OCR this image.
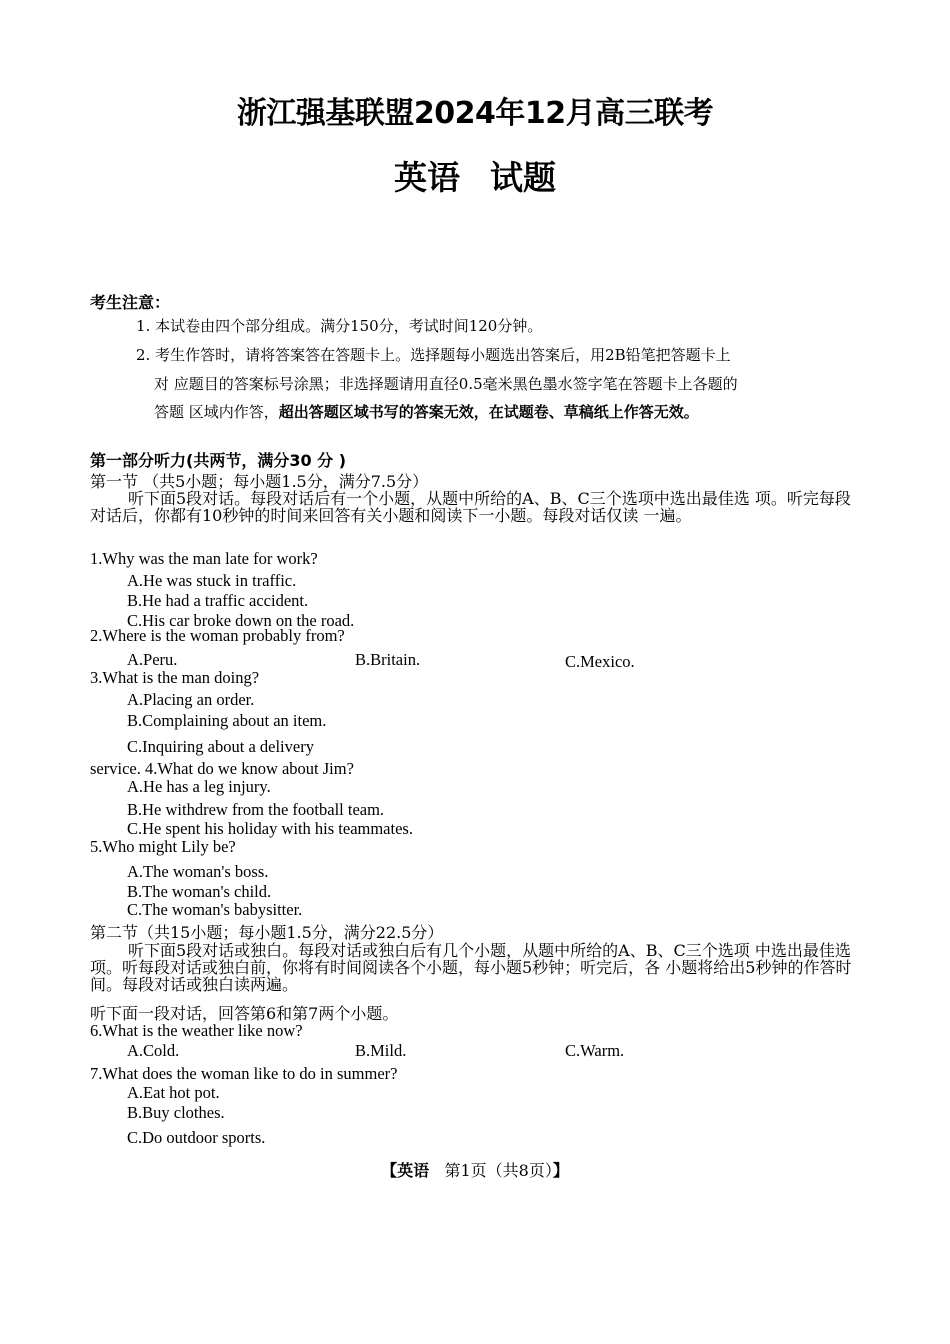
浙江强基联盟2024年12月高三联考
英语 试题
考生注意：
1. 本试卷由四个部分组成。满分150分，考试时间120分钟。
2. 考生作答时，请将答案答在答题卡上。选择题每小题选出答案后，用2B铅笔把答题卡上
对 应题目的答案标号涂黑；非选择题请用直径0.5毫米黑色墨水签字笔在答题卡上各题的
答题 区域内作答，超出答题区域书写的答案无效，在试题卷、草稿纸上作答无效。
第一部分听力(共两节，满分30 分 )
第一节 （共5小题；每小题1.5分，满分7.5分）
听下面5段对话。每段对话后有一个小题，从题中所给的A、B、C三个选项中选出最佳选 项。听完每段对话后，你都有10秒钟的时间来回答有关小题和阅读下一小题。每段对话仅读 一遍。
1.Why was the man late for work?
A.He was stuck in traffic.
B.He had a traffic accident.
C.His car broke down on the road.
2.Where is the woman probably from?
A.Peru.	B.Britain.	C.Mexico.
3.What is the man doing?
A.Placing an order.
B.Complaining about an item.
C.Inquiring about a delivery
service. 4.What do we know about Jim?
A.He has a leg injury.
B.He withdrew from the football team.
C.He spent his holiday with his teammates.
5.Who might Lily be?
A.The woman's boss.
B.The woman's child.
C.The woman's babysitter.
第二节（共15小题；每小题1.5分，满分22.5分）
听下面5段对话或独白。每段对话或独白后有几个小题，从题中所给的A、B、C三个选项 中选出最佳选项。听每段对话或独白前，你将有时间阅读各个小题，每小题5秒钟；听完后，各 小题将给出5秒钟的作答时间。每段对话或独白读两遍。
听下面一段对话，回答第6和第7两个小题。
6.What is the weather like now?
A.Cold.	B.Mild.	C.Warm.
7.What does the woman like to do in summer?
A.Eat hot pot.
B.Buy clothes.
C.Do outdoor sports.
【英语 第1页（共8页）】
